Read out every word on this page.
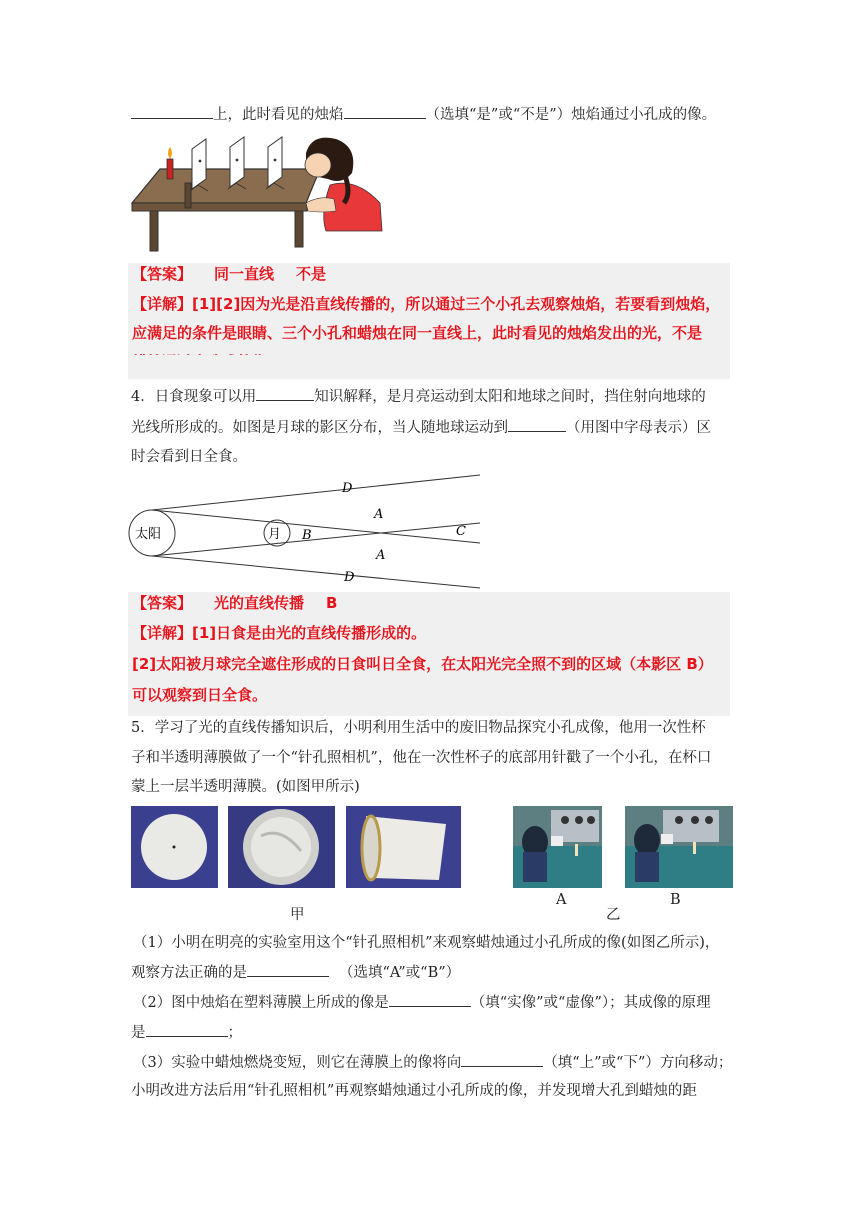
上，此时看见的烛焰	（选填“是”或“不是”）烛焰通过小孔成的像。
【答案】 同一直线 不是
【详解】[1][2]因为光是沿直线传播的，所以通过三个小孔去观察烛焰，若要看到烛焰，
应满足的条件是眼睛、三个小孔和蜡烛在同一直线上，此时看见的烛焰发出的光，不是
4．日食现象可以用	知识解释，是月亮运动到太阳和地球之间时，挡住射向地球的
光线所形成的。如图是月球的影区分布，当人随地球运动到	（用图中字母表示）区
时会看到日全食。
太阳	月
D
A
B	C
A
D
【答案】 光的直线传播 B
【详解】[1]日食是由光的直线传播形成的。
[2]太阳被月球完全遮住形成的日食叫日全食，在太阳光完全照不到的区域（本影区 B）
可以观察到日全食。
5．学习了光的直线传播知识后，小明利用生活中的废旧物品探究小孔成像，他用一次性杯
子和半透明薄膜做了一个“针孔照相机”，他在一次性杯子的底部用针戳了一个小孔，在杯口
蒙上一层半透明薄膜。(如图甲所示)
A	B
甲	乙
（1）小明在明亮的实验室用这个“针孔照相机”来观察蜡烛通过小孔所成的像(如图乙所示)，
观察方法正确的是	（选填“A”或“B”）
（2）图中烛焰在塑料薄膜上所成的像是	（填“实像”或“虚像”）；其成像的原理
是	；
（3）实验中蜡烛燃烧变短，则它在薄膜上的像将向	（填“上”或“下”）方向移动；
小明改进方法后用“针孔照相机”再观察蜡烛通过小孔所成的像，并发现增大孔到蜡烛的距
